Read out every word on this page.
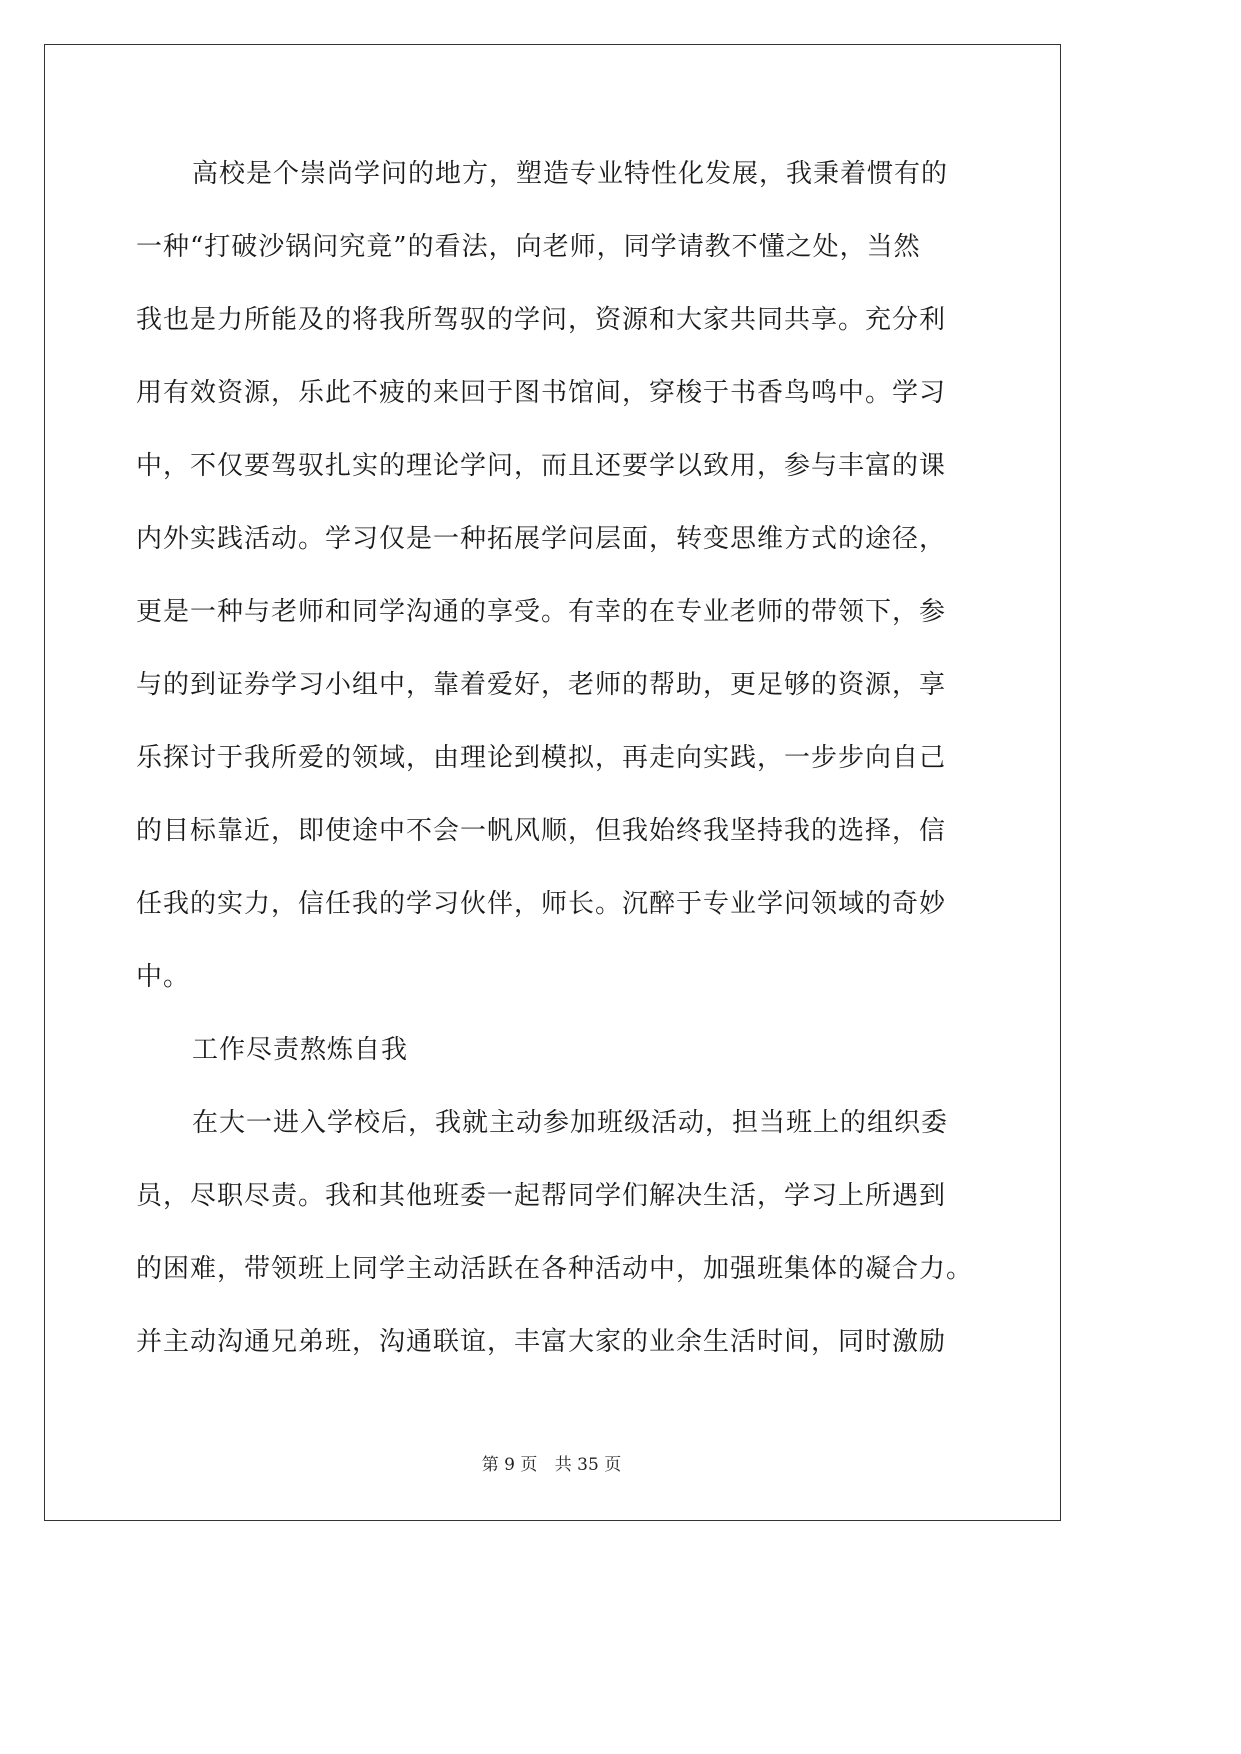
高校是个崇尚学问的地方，塑造专业特性化发展，我秉着惯有的
一种“打破沙锅问究竟”的看法，向老师，同学请教不懂之处，当然
我也是力所能及的将我所驾驭的学问，资源和大家共同共享。充分利
用有效资源，乐此不疲的来回于图书馆间，穿梭于书香鸟鸣中。学习
中，不仅要驾驭扎实的理论学问，而且还要学以致用，参与丰富的课
内外实践活动。学习仅是一种拓展学问层面，转变思维方式的途径，
更是一种与老师和同学沟通的享受。有幸的在专业老师的带领下，参
与的到证券学习小组中，靠着爱好，老师的帮助，更足够的资源，享
乐探讨于我所爱的领域，由理论到模拟，再走向实践，一步步向自己
的目标靠近，即使途中不会一帆风顺，但我始终我坚持我的选择，信
任我的实力，信任我的学习伙伴，师长。沉醉于专业学问领域的奇妙
中。
工作尽责熬炼自我
在大一进入学校后，我就主动参加班级活动，担当班上的组织委
员，尽职尽责。我和其他班委一起帮同学们解决生活，学习上所遇到
的困难，带领班上同学主动活跃在各种活动中，加强班集体的凝合力。
并主动沟通兄弟班，沟通联谊，丰富大家的业余生活时间，同时激励
第 9 页 共 35 页
